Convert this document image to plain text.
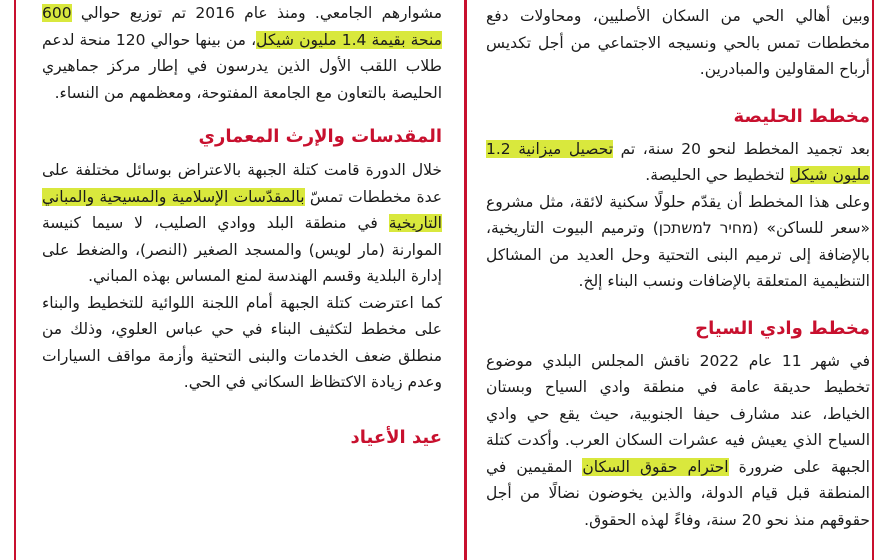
مشوارهم الجامعي. ومنذ عام 2016 تم توزيع حوالي 600 منحة بقيمة 1.4 مليون شيكل، من بينها حوالي 120 منحة لدعم طلاب اللقب الأول الذين يدرسون في إطار مركز جماهيري الحليصة بالتعاون مع الجامعة المفتوحة، ومعظمهم من النساء.

المقدسات والإرث المعماري

خلال الدورة قامت كتلة الجبهة بالاعتراض بوسائل مختلفة على عدة مخططات تمسّ بالمقدّسات الإسلامية والمسيحية والمباني التاريخية في منطقة البلد ووادي الصليب، لا سيما كنيسة الموارنة (مار لويس) والمسجد الصغير (النصر)، والضغط على إدارة البلدية وقسم الهندسة لمنع المساس بهذه المباني.

كما اعترضت كتلة الجبهة أمام اللجنة اللوائية للتخطيط والبناء على مخطط لتكثيف البناء في حي عباس العلوي، وذلك من منطلق ضعف الخدمات والبنى التحتية وأزمة مواقف السيارات وعدم زيادة الاكتظاظ السكاني في الحي.

عيد الأعياد

وبين أهالي الحي من السكان الأصليين، ومحاولات دفع مخططات تمس بالحي ونسيجه الاجتماعي من أجل تكديس أرباح المقاولين والمبادرين.

مخطط الحليصة

بعد تجميد المخطط لنحو 20 سنة، تم تحصيل ميزانية 1.2 مليون شيكل لتخطيط حي الحليصة.

وعلى هذا المخطط أن يقدّم حلولًا سكنية لائقة، مثل مشروع «سعر للساكن» (מחיר למשתכן) وترميم البيوت التاريخية، بالإضافة إلى ترميم البنى التحتية وحل العديد من المشاكل التنظيمية المتعلقة بالإضافات ونسب البناء إلخ.

مخطط وادي السياح

في شهر 11 عام 2022 ناقش المجلس البلدي موضوع تخطيط حديقة عامة في منطقة وادي السياح وبستان الخياط، عند مشارف حيفا الجنوبية، حيث يقع حي وادي السياح الذي يعيش فيه عشرات السكان العرب. وأكدت كتلة الجبهة على ضرورة احترام حقوق السكان المقيمين في المنطقة قبل قيام الدولة، والذين يخوضون نضالًا من أجل حقوقهم منذ نحو 20 سنة، وفاءً لهذه الحقوق.
